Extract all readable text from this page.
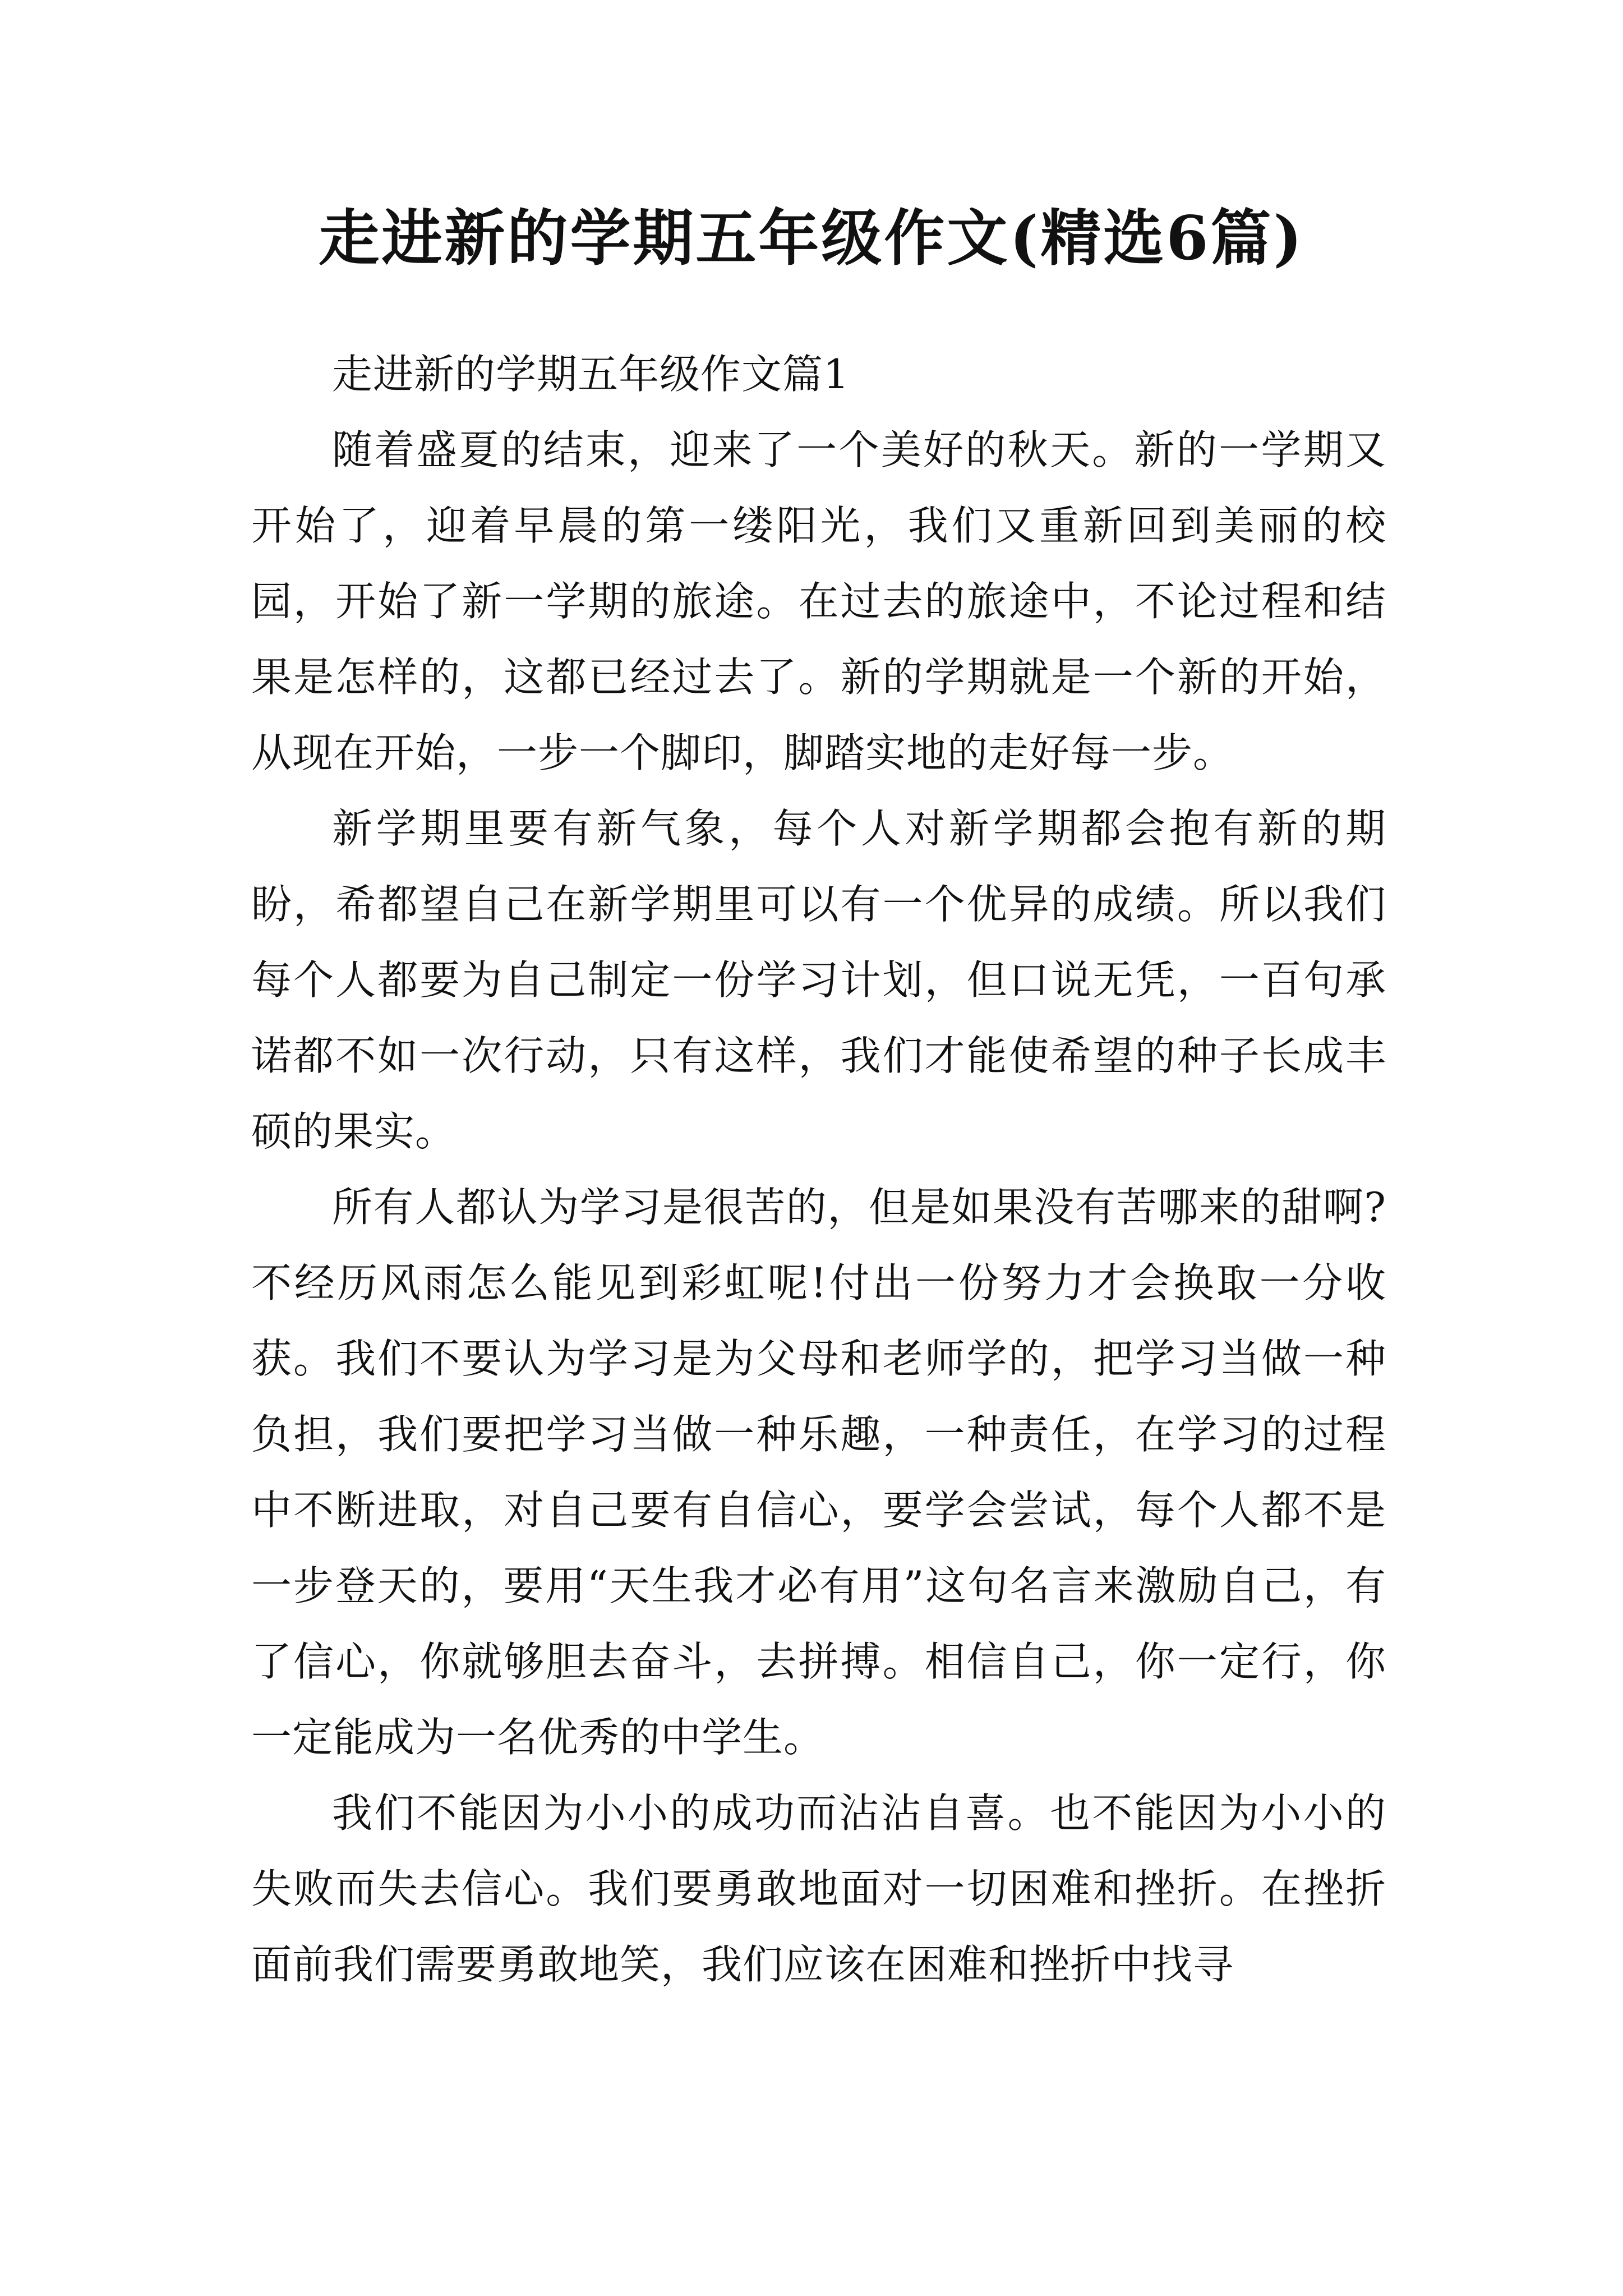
走进新的学期五年级作文(精选6篇)

走进新的学期五年级作文篇1

随着盛夏的结束，迎来了一个美好的秋天。新的一学期又开始了，迎着早晨的第一缕阳光，我们又重新回到美丽的校园，开始了新一学期的旅途。在过去的旅途中，不论过程和结果是怎样的，这都已经过去了。新的学期就是一个新的开始，从现在开始，一步一个脚印，脚踏实地的走好每一步。

新学期里要有新气象，每个人对新学期都会抱有新的期盼，希都望自己在新学期里可以有一个优异的成绩。所以我们每个人都要为自己制定一份学习计划，但口说无凭，一百句承诺都不如一次行动，只有这样，我们才能使希望的种子长成丰硕的果实。

所有人都认为学习是很苦的，但是如果没有苦哪来的甜啊?不经历风雨怎么能见到彩虹呢!付出一份努力才会换取一分收获。我们不要认为学习是为父母和老师学的，把学习当做一种负担，我们要把学习当做一种乐趣，一种责任，在学习的过程中不断进取，对自己要有自信心，要学会尝试，每个人都不是一步登天的，要用“天生我才必有用”这句名言来激励自己，有了信心，你就够胆去奋斗，去拼搏。相信自己，你一定行，你一定能成为一名优秀的中学生。

我们不能因为小小的成功而沾沾自喜。也不能因为小小的失败而失去信心。我们要勇敢地面对一切困难和挫折。在挫折面前我们需要勇敢地笑，我们应该在困难和挫折中找寻
